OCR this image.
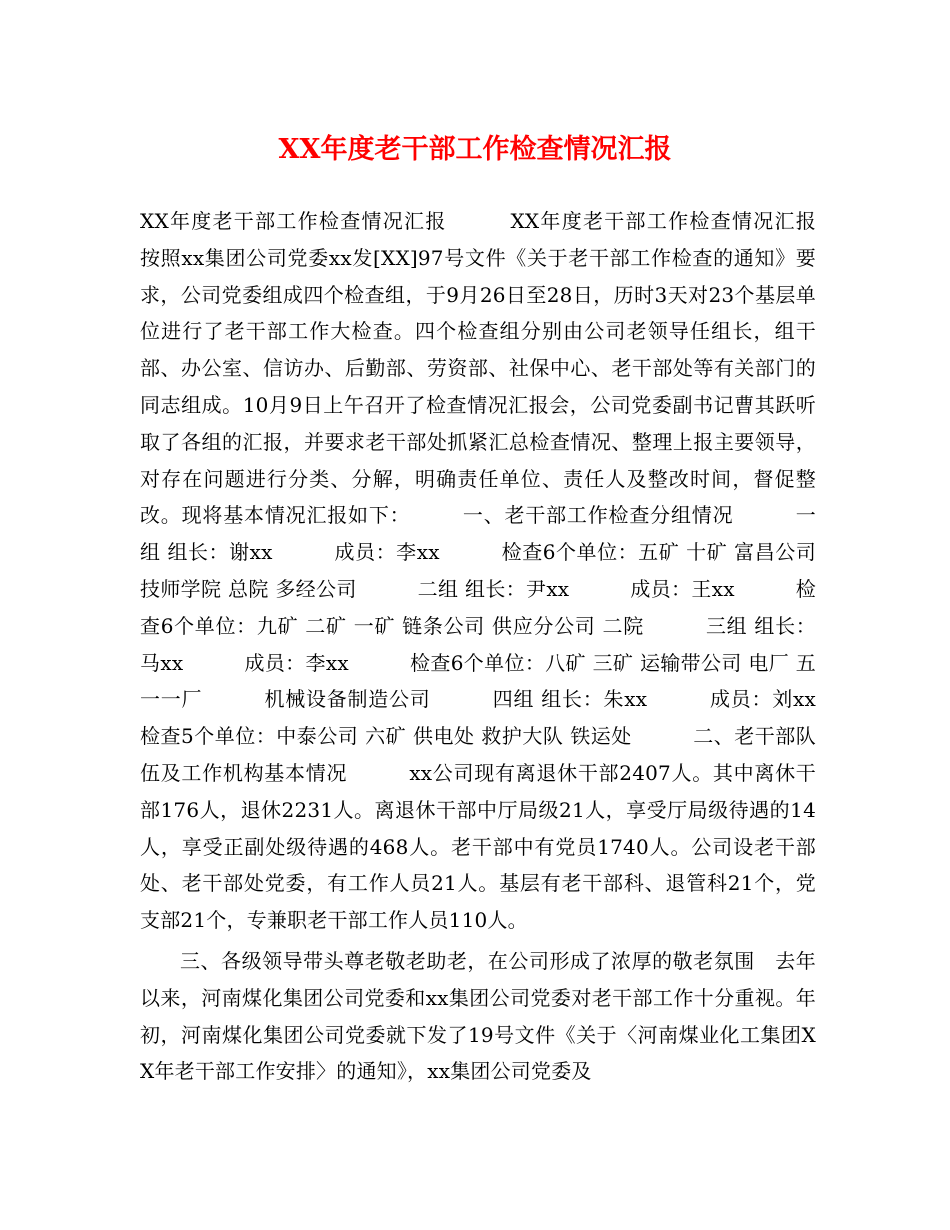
XX年度老干部工作检查情况汇报

XX年度老干部工作检查情况汇报　　　XX年度老干部工作检查情况汇报　　　按照xx集团公司党委xx发[XX]97号文件《关于老干部工作检查的通知》要求，公司党委组成四个检查组，于9月26日至28日，历时3天对23个基层单位进行了老干部工作大检查。四个检查组分别由公司老领导任组长，组干部、办公室、信访办、后勤部、劳资部、社保中心、老干部处等有关部门的同志组成。10月9日上午召开了检查情况汇报会，公司党委副书记曹其跃听取了各组的汇报，并要求老干部处抓紧汇总检查情况、整理上报主要领导，对存在问题进行分类、分解，明确责任单位、责任人及整改时间，督促整改。现将基本情况汇报如下：　　　一、老干部工作检查分组情况　　　一组 组长：谢xx　　　成员：李xx　　　检查6个单位：五矿 十矿 富昌公司 技师学院 总院 多经公司　　　二组 组长：尹xx　　　成员：王xx　　　检查6个单位：九矿 二矿 一矿 链条公司 供应分公司 二院　　　三组 组长：马xx　　　成员：李xx　　　检查6个单位：八矿 三矿 运输带公司 电厂 五一一厂　　　机械设备制造公司　　　四组 组长：朱xx　　　成员：刘xx　　　检查5个单位：中泰公司 六矿 供电处 救护大队 铁运处　　　二、老干部队伍及工作机构基本情况　　　xx公司现有离退休干部2407人。其中离休干部176人，退休2231人。离退休干部中厅局级21人，享受厅局级待遇的14人，享受正副处级待遇的468人。老干部中有党员1740人。公司设老干部处、老干部处党委，有工作人员21人。基层有老干部科、退管科21个，党支部21个，专兼职老干部工作人员110人。

三、各级领导带头尊老敬老助老，在公司形成了浓厚的敬老氛围　去年以来，河南煤化集团公司党委和xx集团公司党委对老干部工作十分重视。年初，河南煤化集团公司党委就下发了19号文件《关于〈河南煤业化工集团XX年老干部工作安排〉的通知》，xx集团公司党委及
